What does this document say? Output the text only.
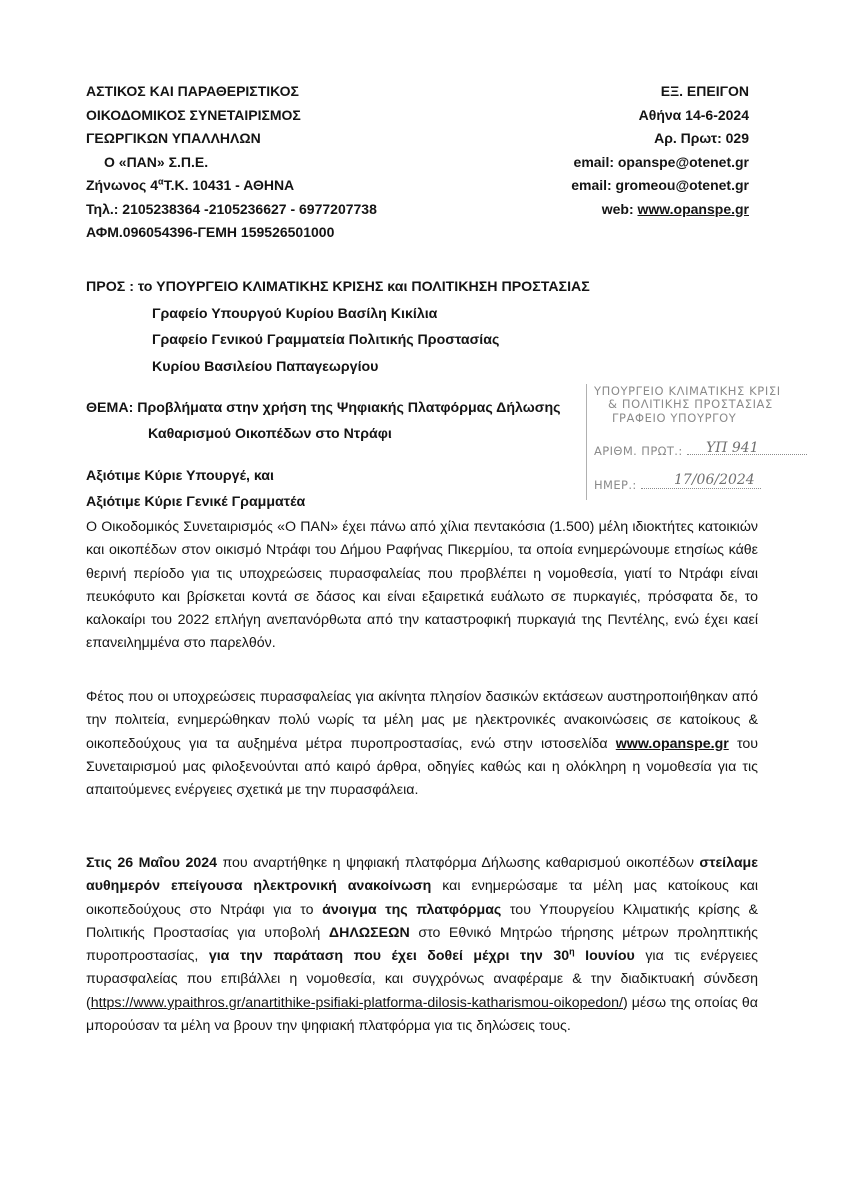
ΑΣΤΙΚΟΣ ΚΑΙ ΠΑΡΑΘΕΡΙΣΤΙΚΟΣ
ΟΙΚΟΔΟΜΙΚΟΣ ΣΥΝΕΤΑΙΡΙΣΜΟΣ
ΓΕΩΡΓΙΚΩΝ ΥΠΑΛΛΗΛΩΝ
Ο «ΠΑΝ» Σ.Π.Ε.
Ζήνωνος $4^\alpha T.K$. 10431 - ΑΘΗΝΑ
Τηλ.: 2105238364 -2105236627 - 6977207738
ΑΦΜ.096054396-ΓΕΜΗ 159526501000
ΕΞ. ΕΠΕΙΓΟΝ
Αθήνα 14-6-2024
Αρ. Πρωτ: 029
email: opanspe@otenet.gr
email: gromeou@otenet.gr
web: www.opanspe.gr
ΠΡΟΣ : το ΥΠΟΥΡΓΕΙΟ ΚΛΙΜΑΤΙΚΗΣ ΚΡΙΣΗΣ και ΠΟΛΙΤΙΚΗΣΗ ΠΡΟΣΤΑΣΙΑΣ
Γραφείο Υπουργού Κυρίου Βασίλη Κικίλια
Γραφείο Γενικού Γραμματεία Πολιτικής Προστασίας
Κυρίου Βασιλείου Παπαγεωργίου
ΘΕΜΑ: Προβλήματα στην χρήση της Ψηφιακής Πλατφόρμας Δήλωσης
Καθαρισμού Οικοπέδων στο Ντράφι
ΥΠΟΥΡΓΕΙΟ ΚΛΙΜΑΤΙΚΗΣ ΚΡΙΣΙ
& ΠΟΛΙΤΙΚΗΣ ΠΡΟΣΤΑΣΙΑΣ
ΓΡΑΦΕΙΟ ΥΠΟΥΡΓΟΥ
ΑΡΙΘΜ. ΠΡΩΤ.:	ΥΠ 941
ΗΜΕΡ.:	17/06/2024
Αξιότιμε Κύριε Υπουργέ, και
Αξιότιμε Κύριε Γενικέ Γραμματέα

Ο Οικοδομικός Συνεταιρισμός «Ο ΠΑΝ» έχει πάνω από χίλια πεντακόσια (1.500) μέλη ιδιοκτήτες κατοικιών και οικοπέδων στον οικισμό Ντράφι του Δήμου Ραφήνας Πικερμίου, τα οποία ενημερώνουμε ετησίως κάθε θερινή περίοδο για τις υποχρεώσεις πυρασφαλείας που προβλέπει η νομοθεσία, γιατί το Ντράφι είναι πευκόφυτο και βρίσκεται κοντά σε δάσος και είναι εξαιρετικά ευάλωτο σε πυρκαγιές, πρόσφατα δε, το καλοκαίρι του 2022 επλήγη ανεπανόρθωτα από την καταστροφική πυρκαγιά της Πεντέλης, ενώ έχει καεί επανειλημμένα στο παρελθόν.

Φέτος που οι υποχρεώσεις πυρασφαλείας για ακίνητα πλησίον δασικών εκτάσεων αυστηροποιήθηκαν από την πολιτεία, ενημερώθηκαν πολύ νωρίς τα μέλη μας με ηλεκτρονικές ανακοινώσεις σε κατοίκους & οικοπεδούχους για τα αυξημένα μέτρα πυροπροστασίας, ενώ στην ιστοσελίδα www.opanspe.gr του Συνεταιρισμού μας φιλοξενούνται από καιρό άρθρα, οδηγίες καθώς και η ολόκληρη η νομοθεσία για τις απαιτούμενες ενέργειες σχετικά με την πυρασφάλεια.

Στις 26 Μαΐου 2024 που αναρτήθηκε η ψηφιακή πλατφόρμα Δήλωσης καθαρισμού οικοπέδων στείλαμε αυθημερόν επείγουσα ηλεκτρονική ανακοίνωση και ενημερώσαμε τα μέλη μας κατοίκους και οικοπεδούχους στο Ντράφι για το άνοιγμα της πλατφόρμας του Υπουργείου Κλιματικής κρίσης & Πολιτικής Προστασίας για υποβολή ΔΗΛΩΣΕΩΝ στο Εθνικό Μητρώο τήρησης μέτρων προληπτικής πυροπροστασίας, για την παράταση που έχει δοθεί μέχρι την $30^\eta$ Ιουνίου για τις ενέργειες πυρασφαλείας που επιβάλλει η νομοθεσία, και συγχρόνως αναφέραμε & την διαδικτυακή σύνδεση (https://www.ypaithros.gr/anartithike-psifiaki-platforma-dilosis-katharismou-oikopedon/) μέσω της οποίας θα μπορούσαν τα μέλη να βρουν την ψηφιακή πλατφόρμα για τις δηλώσεις τους.
